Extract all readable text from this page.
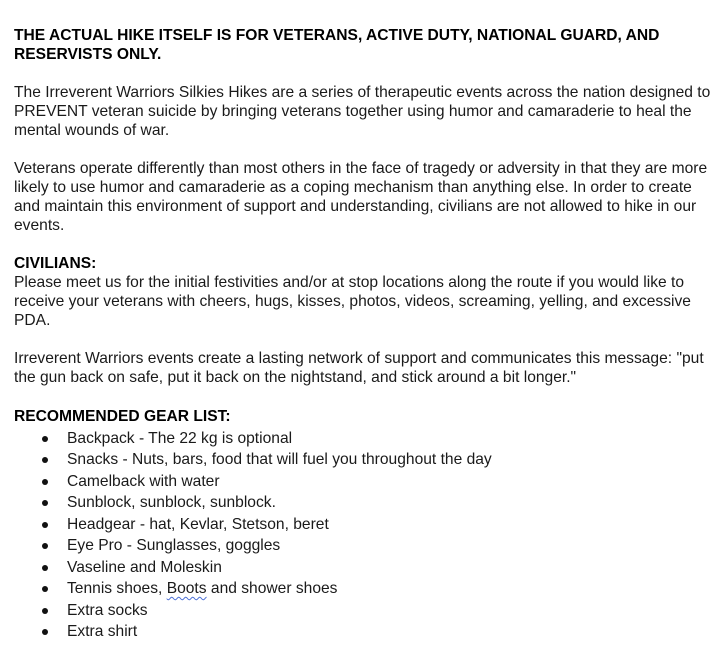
THE ACTUAL HIKE ITSELF IS FOR VETERANS, ACTIVE DUTY, NATIONAL GUARD, AND RESERVISTS ONLY.

The Irreverent Warriors Silkies Hikes are a series of therapeutic events across the nation designed to PREVENT veteran suicide by bringing veterans together using humor and camaraderie to heal the mental wounds of war.

Veterans operate differently than most others in the face of tragedy or adversity in that they are more likely to use humor and camaraderie as a coping mechanism than anything else. In order to create and maintain this environment of support and understanding, civilians are not allowed to hike in our events.

CIVILIANS:

Please meet us for the initial festivities and/or at stop locations along the route if you would like to receive your veterans with cheers, hugs, kisses, photos, videos, screaming, yelling, and excessive PDA.

Irreverent Warriors events create a lasting network of support and communicates this message: "put the gun back on safe, put it back on the nightstand, and stick around a bit longer."

RECOMMENDED GEAR LIST:

Backpack - The 22 kg is optional
Snacks - Nuts, bars, food that will fuel you throughout the day
Camelback with water
Sunblock, sunblock, sunblock.
Headgear - hat, Kevlar, Stetson, beret
Eye Pro - Sunglasses, goggles
Vaseline and Moleskin
Tennis shoes, Boots and shower shoes
Extra socks
Extra shirt
